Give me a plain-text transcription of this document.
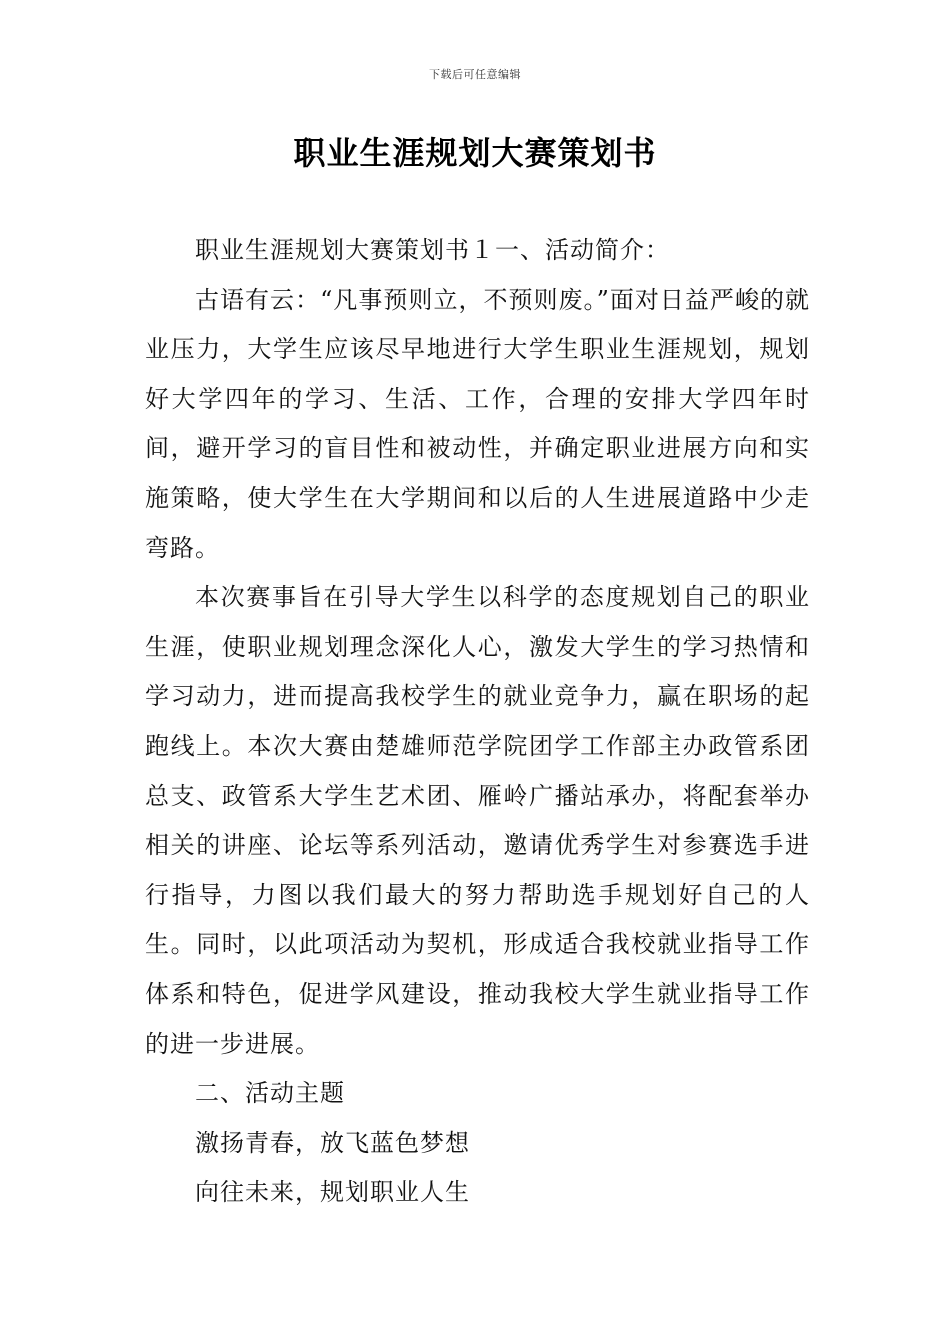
下载后可任意编辑
职业生涯规划大赛策划书

职业生涯规划大赛策划书１一、活动简介：

古语有云：“凡事预则立，不预则废。”面对日益严峻的就业压力，大学生应该尽早地进行大学生职业生涯规划，规划好大学四年的学习、生活、工作，合理的安排大学四年时间，避开学习的盲目性和被动性，并确定职业进展方向和实施策略，使大学生在大学期间和以后的人生进展道路中少走弯路。

本次赛事旨在引导大学生以科学的态度规划自己的职业生涯，使职业规划理念深化人心，激发大学生的学习热情和学习动力，进而提高我校学生的就业竞争力，赢在职场的起跑线上。本次大赛由楚雄师范学院团学工作部主办政管系团总支、政管系大学生艺术团、雁岭广播站承办，将配套举办相关的讲座、论坛等系列活动，邀请优秀学生对参赛选手进行指导，力图以我们最大的努力帮助选手规划好自己的人生。同时，以此项活动为契机，形成适合我校就业指导工作体系和特色，促进学风建设，推动我校大学生就业指导工作的进一步进展。

二、活动主题

激扬青春，放飞蓝色梦想

向往未来，规划职业人生
